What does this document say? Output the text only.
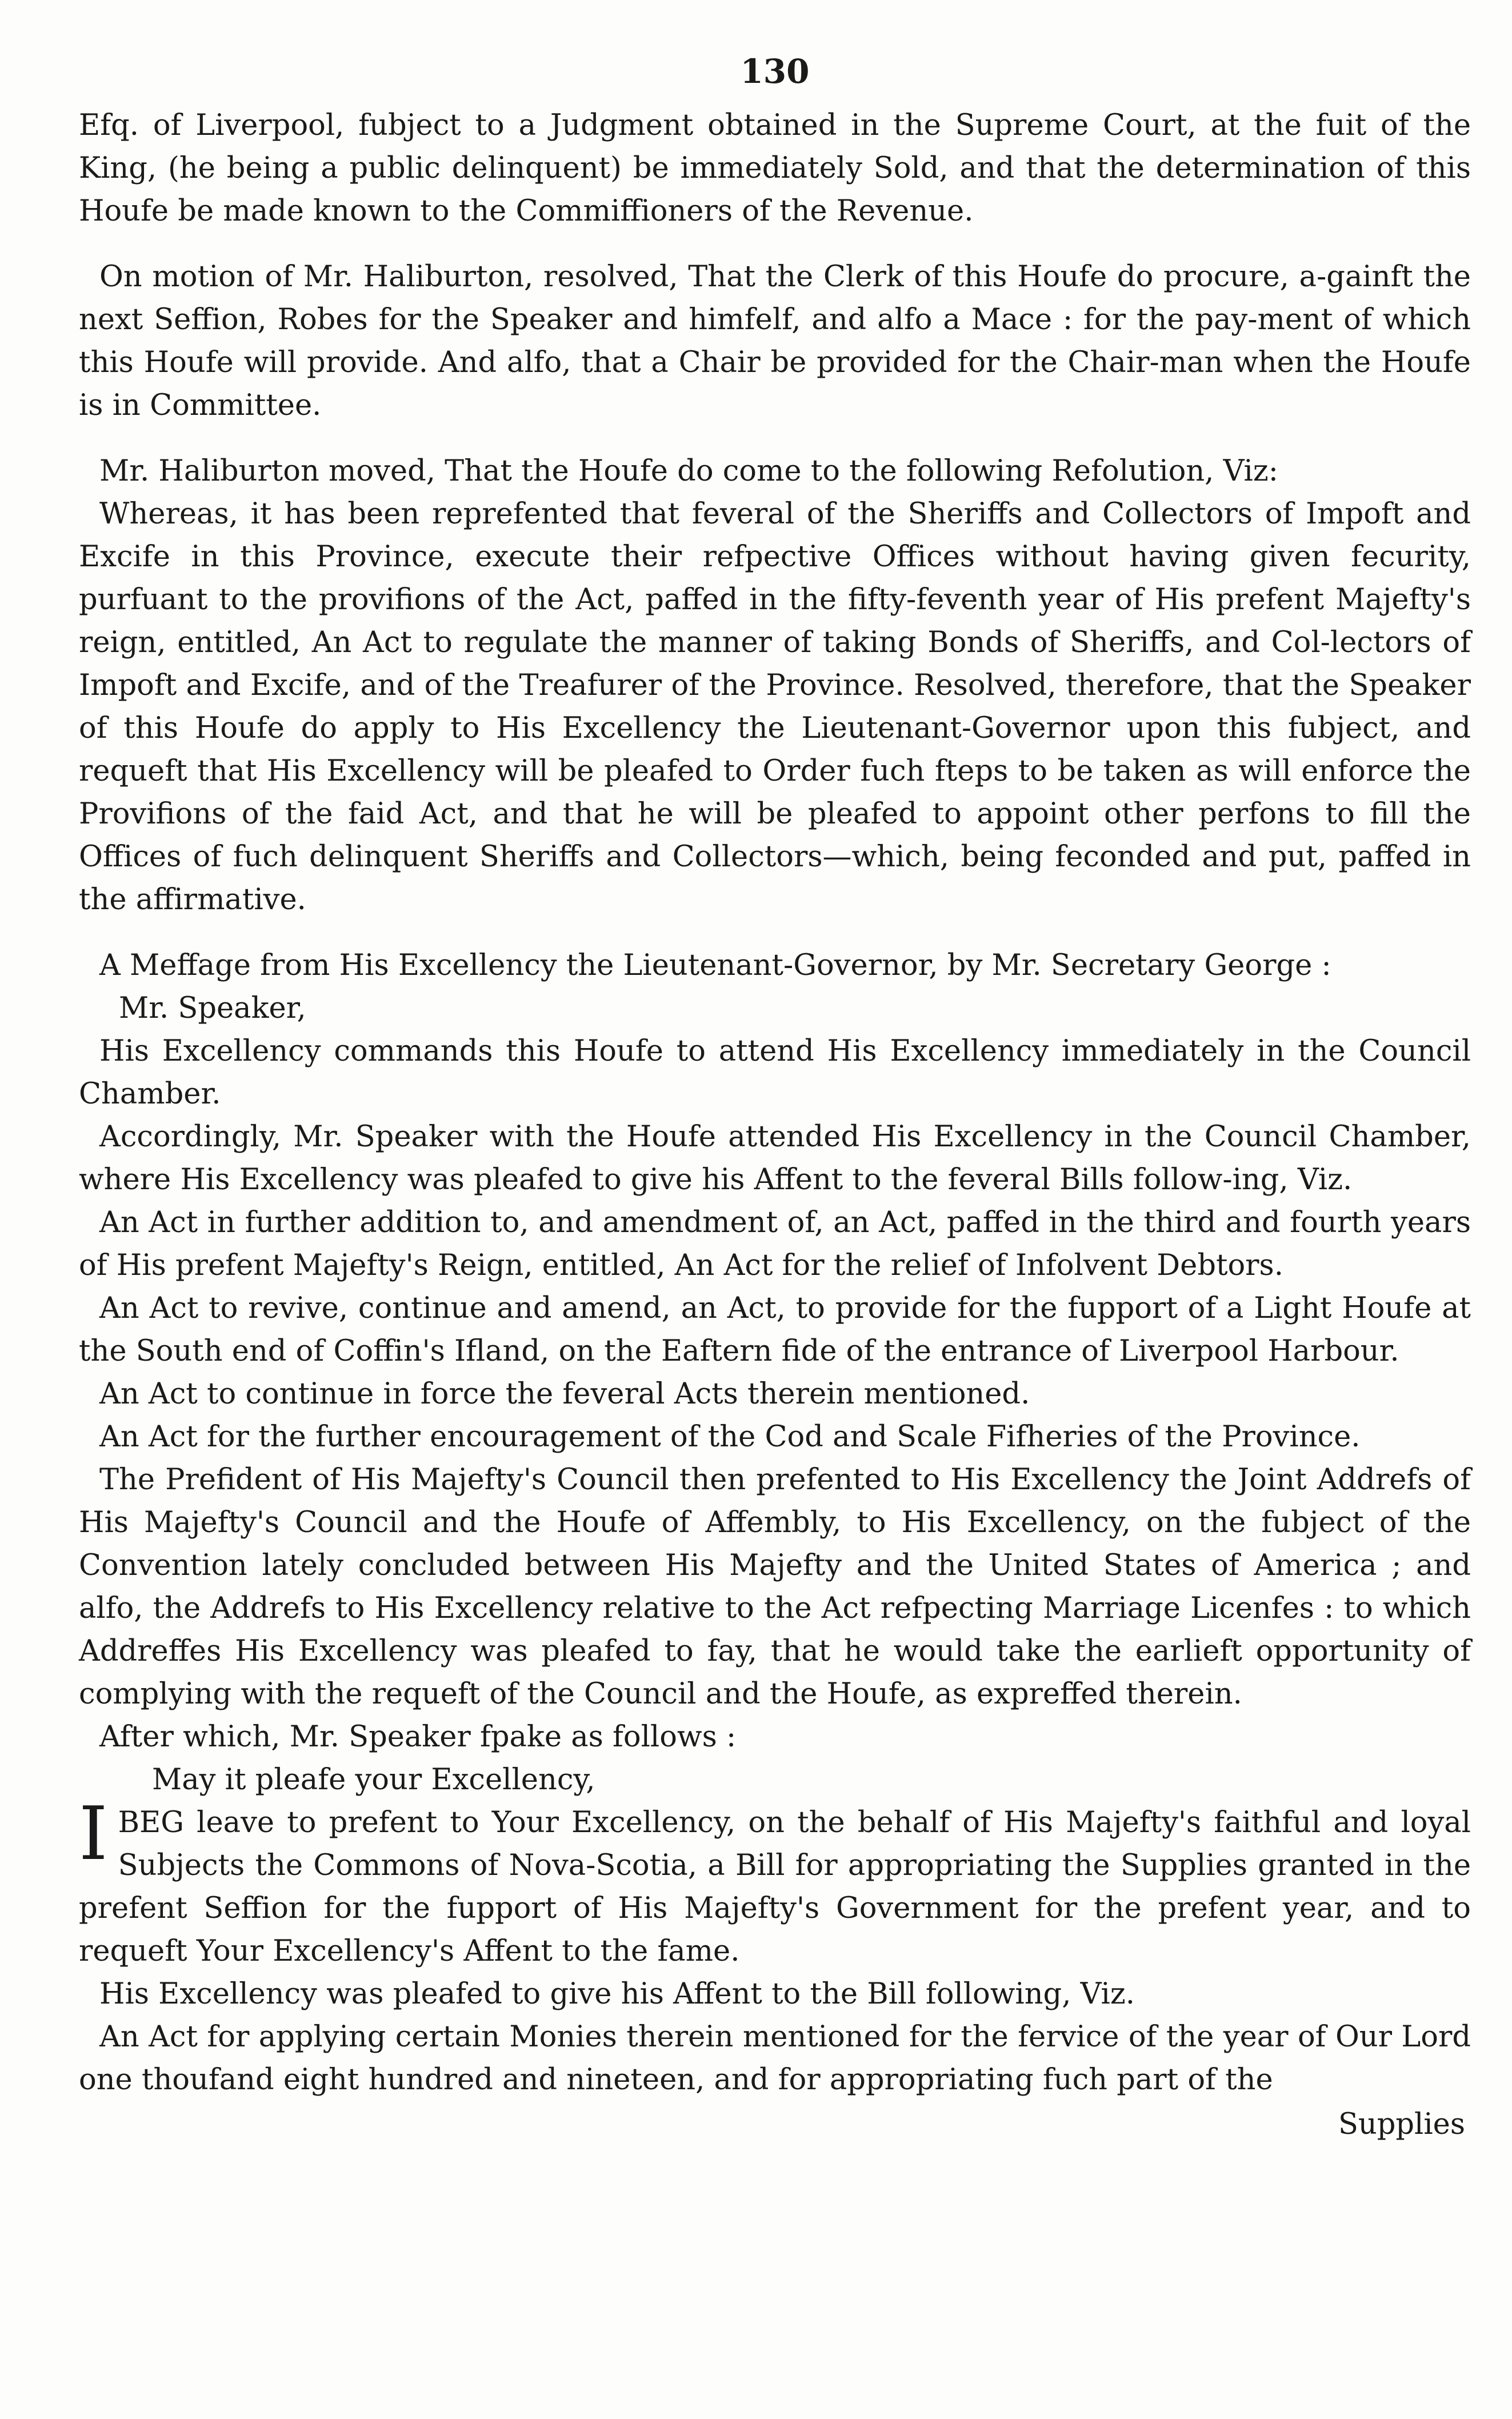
130

Efq. of Liverpool, fubject to a Judgment obtained in the Supreme Court, at the fuit of the King, (he being a public delinquent) be immediately Sold, and that the determination of this Houfe be made known to the Commiffioners of the Revenue.

On motion of Mr. Haliburton, resolved, That the Clerk of this Houfe do procure, a-gainft the next Seffion, Robes for the Speaker and himfelf, and alfo a Mace : for the pay-ment of which this Houfe will provide. And alfo, that a Chair be provided for the Chair-man when the Houfe is in Committee.

Mr. Haliburton moved, That the Houfe do come to the following Refolution, Viz:

Whereas, it has been reprefented that feveral of the Sheriffs and Collectors of Impoft and Excife in this Province, execute their refpective Offices without having given fecurity, purfuant to the provifions of the Act, paffed in the fifty-feventh year of His prefent Majefty's reign, entitled, An Act to regulate the manner of taking Bonds of Sheriffs, and Col-lectors of Impoft and Excife, and of the Treafurer of the Province. Resolved, therefore, that the Speaker of this Houfe do apply to His Excellency the Lieutenant-Governor upon this fubject, and requeft that His Excellency will be pleafed to Order fuch fteps to be taken as will enforce the Provifions of the faid Act, and that he will be pleafed to appoint other perfons to fill the Offices of fuch delinquent Sheriffs and Collectors—which, being feconded and put, paffed in the affirmative.

A Meffage from His Excellency the Lieutenant-Governor, by Mr. Secretary George :

Mr. Speaker,

His Excellency commands this Houfe to attend His Excellency immediately in the Council Chamber.

Accordingly, Mr. Speaker with the Houfe attended His Excellency in the Council Chamber, where His Excellency was pleafed to give his Affent to the feveral Bills follow-ing, Viz.

An Act in further addition to, and amendment of, an Act, paffed in the third and fourth years of His prefent Majefty's Reign, entitled, An Act for the relief of Infolvent Debtors.

An Act to revive, continue and amend, an Act, to provide for the fupport of a Light Houfe at the South end of Coffin's Ifland, on the Eaftern fide of the entrance of Liverpool Harbour.

An Act to continue in force the feveral Acts therein mentioned.

An Act for the further encouragement of the Cod and Scale Fifheries of the Province.

The Prefident of His Majefty's Council then prefented to His Excellency the Joint Addrefs of His Majefty's Council and the Houfe of Affembly, to His Excellency, on the fubject of the Convention lately concluded between His Majefty and the United States of America ; and alfo, the Addrefs to His Excellency relative to the Act refpecting Marriage Licenfes : to which Addreffes His Excellency was pleafed to fay, that he would take the earlieft opportunity of complying with the requeft of the Council and the Houfe, as expreffed therein.

After which, Mr. Speaker fpake as follows :

May it pleafe your Excellency,

IBEG leave to prefent to Your Excellency, on the behalf of His Majefty's faithful and loyal Subjects the Commons of Nova-Scotia, a Bill for appropriating the Supplies granted in the prefent Seffion for the fupport of His Majefty's Government for the prefent year, and to requeft Your Excellency's Affent to the fame.

His Excellency was pleafed to give his Affent to the Bill following, Viz.

An Act for applying certain Monies therein mentioned for the fervice of the year of Our Lord one thoufand eight hundred and nineteen, and for appropriating fuch part of the

Supplies
